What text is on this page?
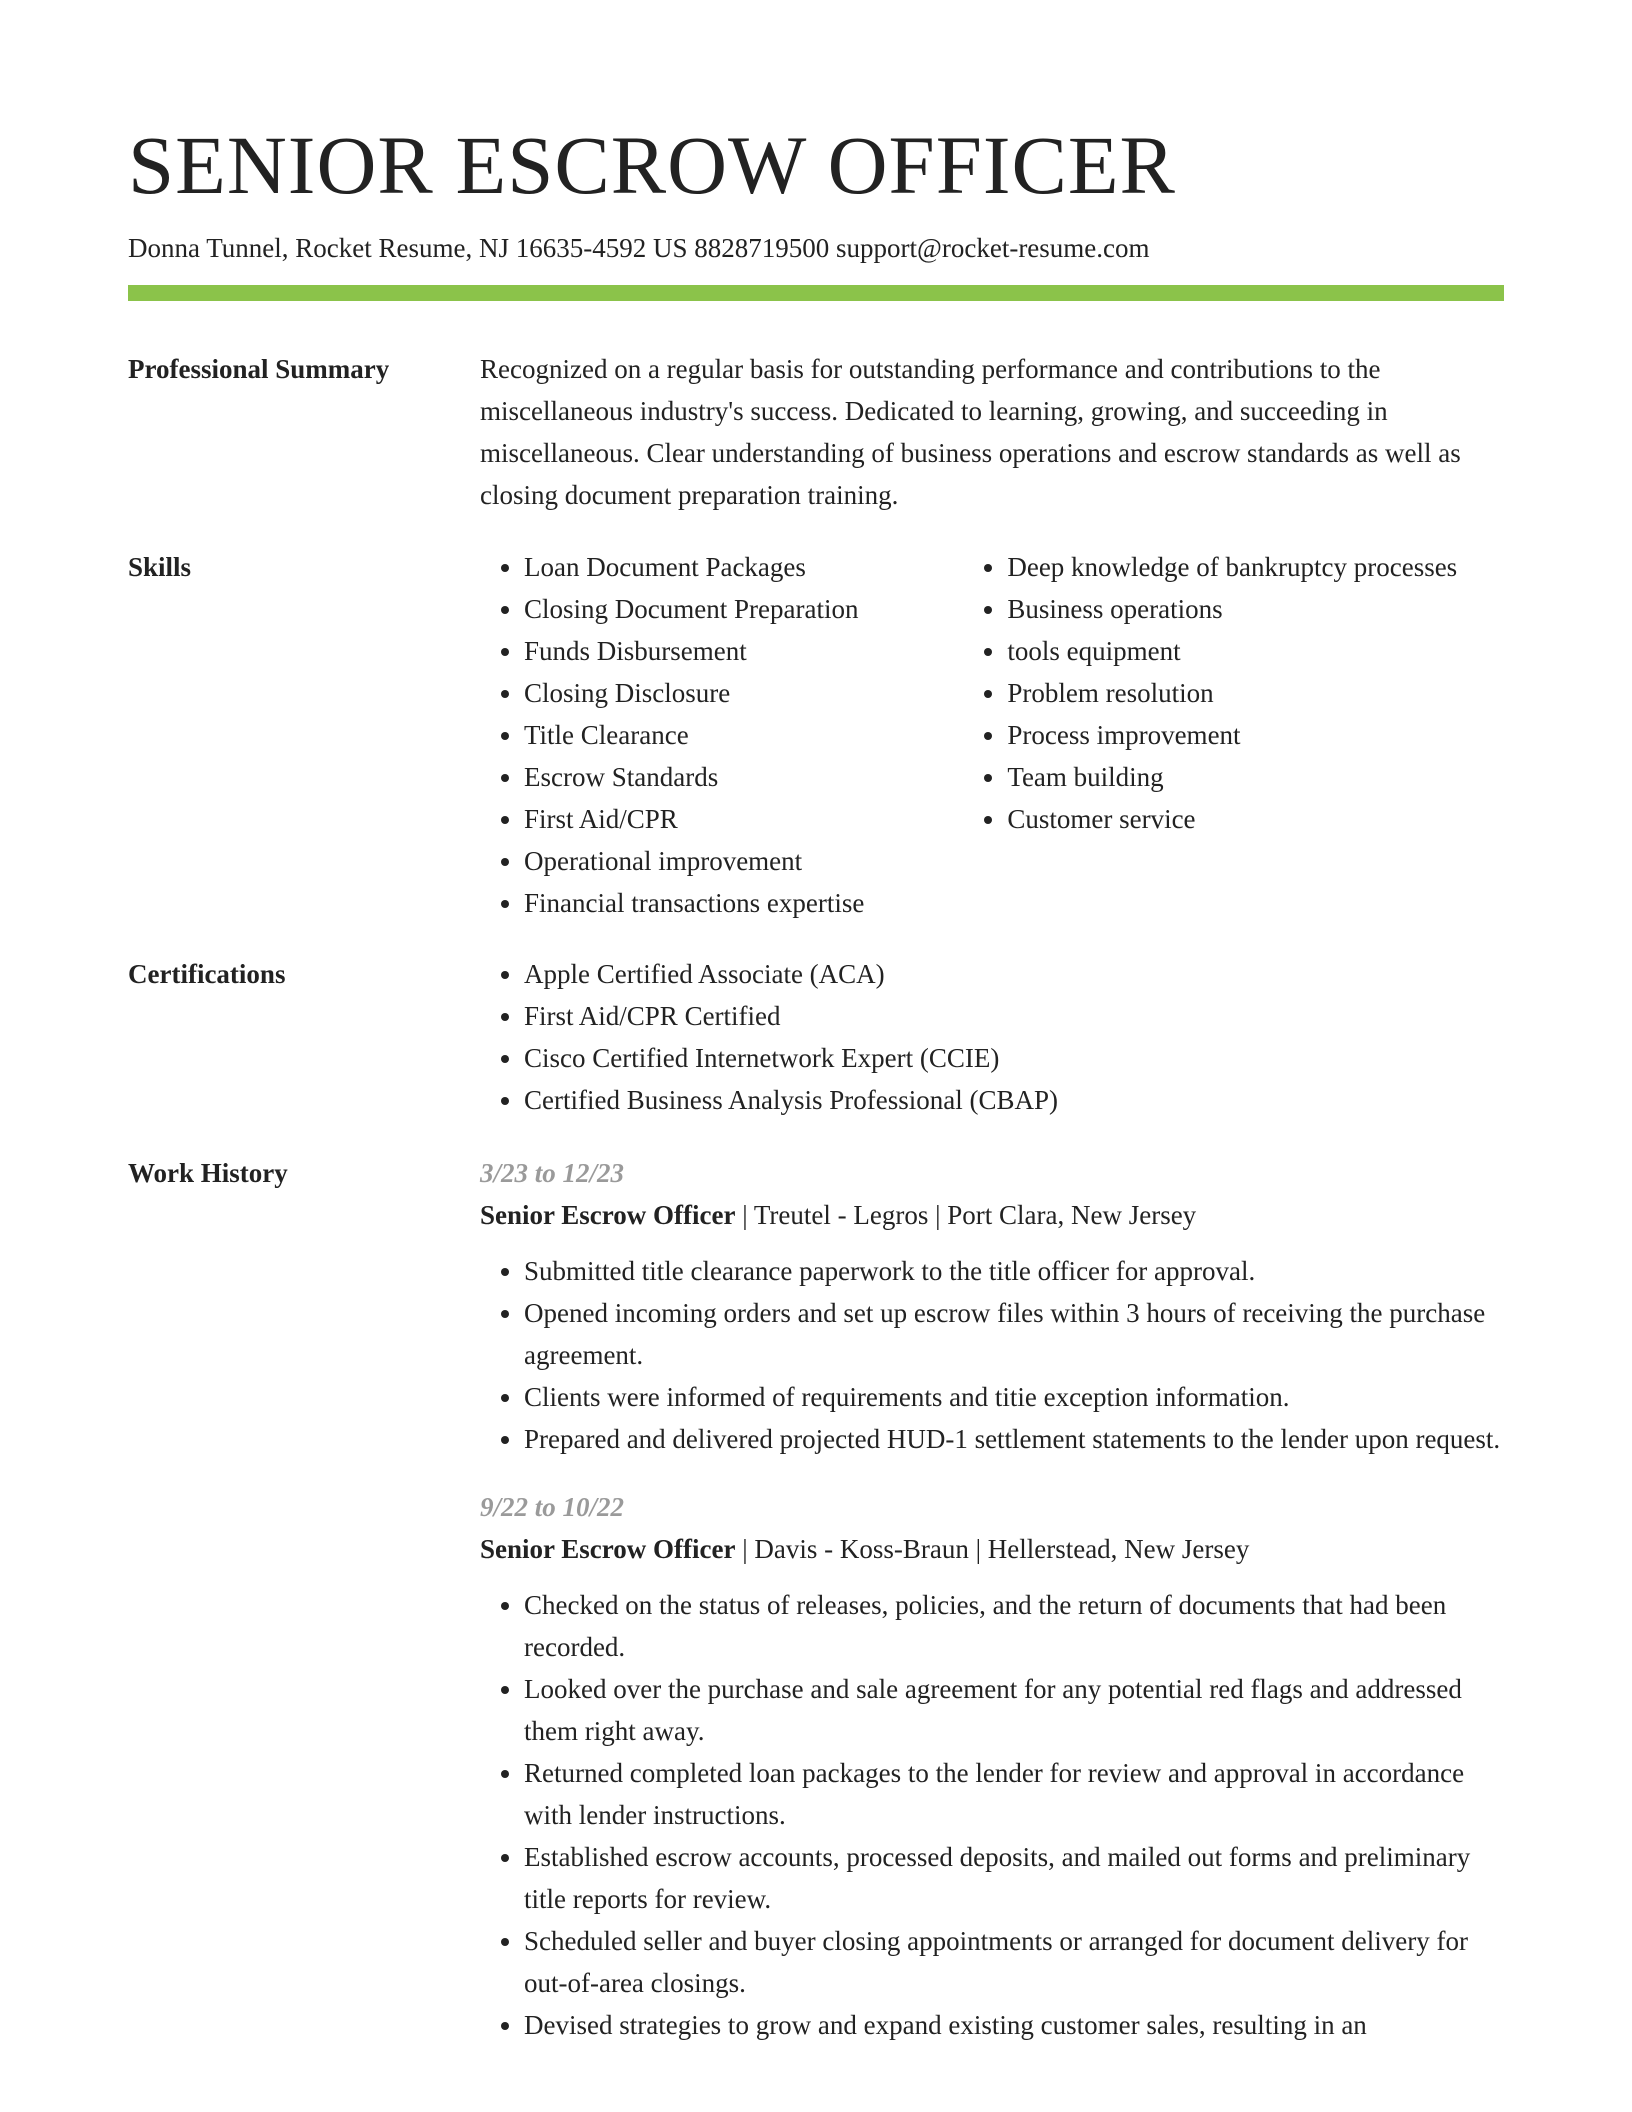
SENIOR ESCROW OFFICER
Donna Tunnel, Rocket Resume, NJ 16635-4592 US 8828719500 support@rocket-resume.com
Professional Summary	Recognized on a regular basis for outstanding performance and contributions to the miscellaneous industry's success. Dedicated to learning, growing, and succeeding in miscellaneous. Clear understanding of business operations and escrow standards as well as closing document preparation training.

Skills	• Loan Document Packages
• Closing Document Preparation
• Funds Disbursement
• Closing Disclosure
• Title Clearance
• Escrow Standards
• First Aid/CPR
• Operational improvement
• Financial transactions expertise
• Deep knowledge of bankruptcy processes
• Business operations
• tools equipment
• Problem resolution
• Process improvement
• Team building
• Customer service
Certifications	• Apple Certified Associate (ACA)
• First Aid/CPR Certified
• Cisco Certified Internetwork Expert (CCIE)
• Certified Business Analysis Professional (CBAP)
Work History	3/23 to 12/23
Senior Escrow Officer | Treutel - Legros | Port Clara, New Jersey
• Submitted title clearance paperwork to the title officer for approval.
• Opened incoming orders and set up escrow files within 3 hours of receiving the purchase agreement.
• Clients were informed of requirements and titie exception information.
• Prepared and delivered projected HUD-1 settlement statements to the lender upon request.
9/22 to 10/22
Senior Escrow Officer | Davis - Koss-Braun | Hellerstead, New Jersey
• Checked on the status of releases, policies, and the return of documents that had been recorded.
• Looked over the purchase and sale agreement for any potential red flags and addressed them right away.
• Returned completed loan packages to the lender for review and approval in accordance with lender instructions.
• Established escrow accounts, processed deposits, and mailed out forms and preliminary title reports for review.
• Scheduled seller and buyer closing appointments or arranged for document delivery for out-of-area closings.
• Devised strategies to grow and expand existing customer sales, resulting in an
